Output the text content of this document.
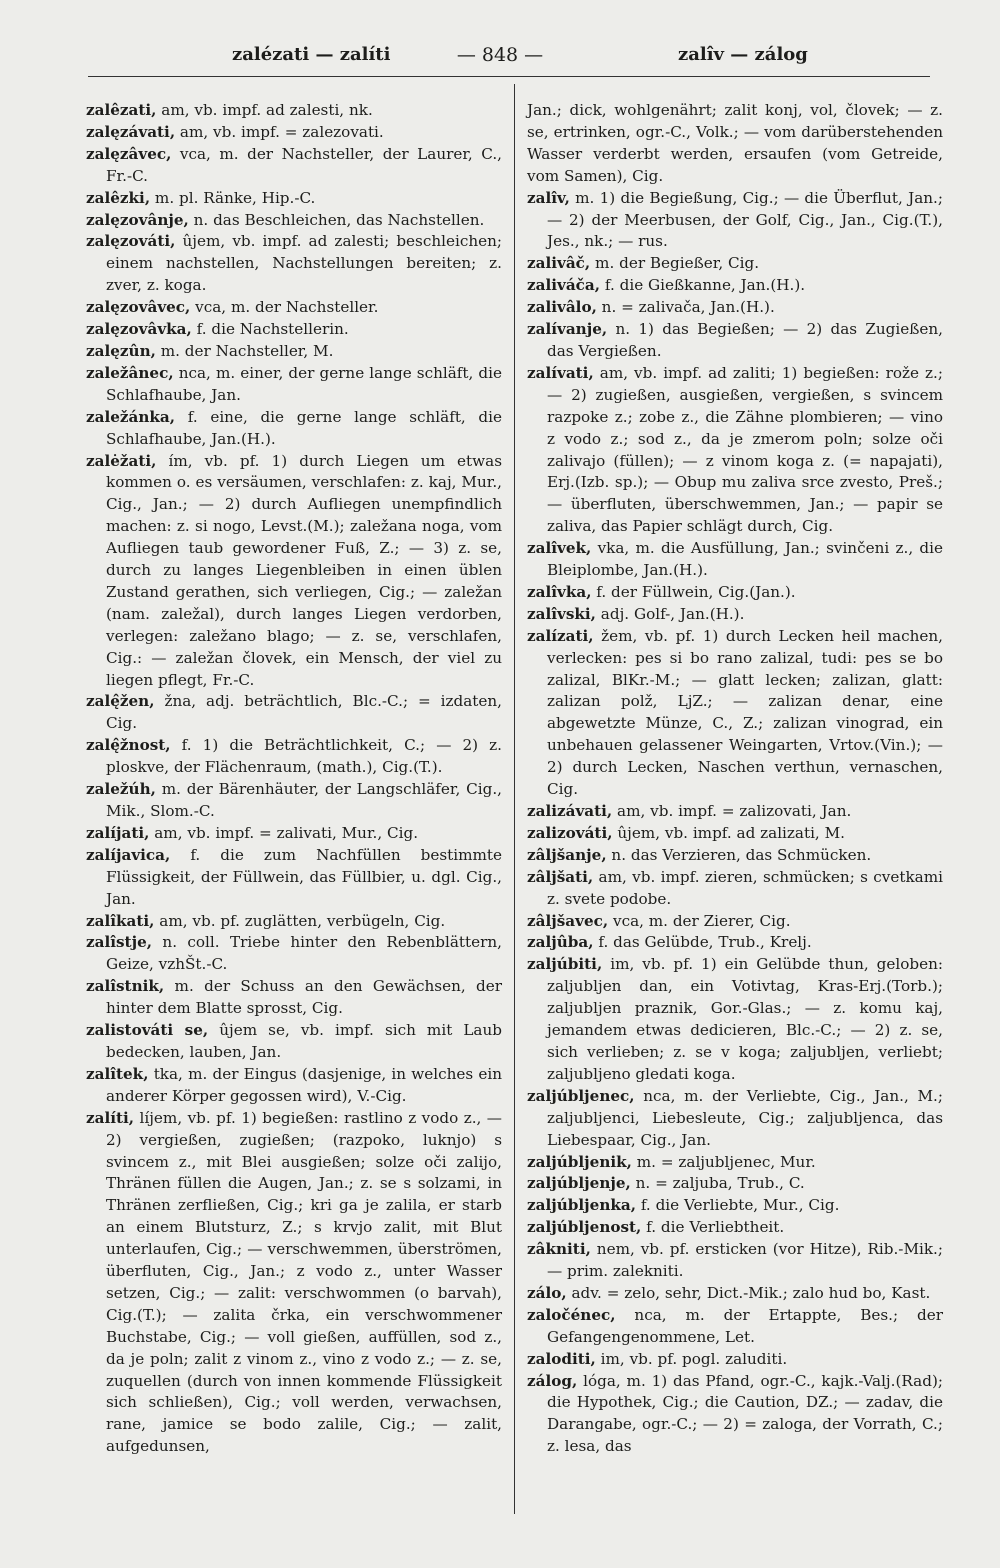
zalézati — zalíti	— 848 —	zalîv — zálog

zalêzati, am, vb. impf. ad zalesti, nk.

zalęzávati, am, vb. impf. = zalezovati.

zalęzâvec, vca, m. der Nachsteller, der Laurer, C., Fr.-C.

zalêzki, m. pl. Ränke, Hip.-C.

zalęzovânje, n. das Beschleichen, das Nachstellen.

zalęzováti, ûjem, vb. impf. ad zalesti; beschleichen; einem nachstellen, Nachstellungen bereiten; z. zver, z. koga.

zalęzovâvec, vca, m. der Nachsteller.

zalęzovâvka, f. die Nachstellerin.

zalęzûn, m. der Nachsteller, M.

zaležânec, nca, m. einer, der gerne lange schläft, die Schlafhaube, Jan.

zaležánka, f. eine, die gerne lange schläft, die Schlafhaube, Jan.(H.).

zalėžati, ím, vb. pf. 1) durch Liegen um etwas kommen o. es versäumen, verschlafen: z. kaj, Mur., Cig., Jan.; — 2) durch Aufliegen unempfindlich machen: z. si nogo, Levst.(M.); zaležana noga, vom Aufliegen taub gewordener Fuß, Z.; — 3) z. se, durch zu langes Liegenbleiben in einen üblen Zustand gerathen, sich verliegen, Cig.; — zaležan (nam. zaležal), durch langes Liegen verdorben, verlegen: zaležano blago; — z. se, verschlafen, Cig.: — zaležan človek, ein Mensch, der viel zu liegen pflegt, Fr.-C.

zalę̂žen, žna, adj. beträchtlich, Blc.-C.; = izdaten, Cig.

zalę̂žnost, f. 1) die Beträchtlichkeit, C.; — 2) z. ploskve, der Flächenraum, (math.), Cig.(T.).

zaležúh, m. der Bärenhäuter, der Langschläfer, Cig., Mik., Slom.-C.

zalíjati, am, vb. impf. = zalivati, Mur., Cig.

zalíjavica, f. die zum Nachfüllen bestimmte Flüssigkeit, der Füllwein, das Füllbier, u. dgl. Cig., Jan.

zalîkati, am, vb. pf. zuglätten, verbügeln, Cig.

zalîstje, n. coll. Triebe hinter den Rebenblättern, Geize, vzhŠt.-C.

zalîstnik, m. der Schuss an den Gewächsen, der hinter dem Blatte sprosst, Cig.

zalistováti se, ûjem se, vb. impf. sich mit Laub bedecken, lauben, Jan.

zalîtek, tka, m. der Eingus (dasjenige, in welches ein anderer Körper gegossen wird), V.-Cig.

zalíti, líjem, vb. pf. 1) begießen: rastlino z vodo z., — 2) vergießen, zugießen; (razpoko, luknjo) s svincem z., mit Blei ausgießen; solze oči zalijo, Thränen füllen die Augen, Jan.; z. se s solzami, in Thränen zerfließen, Cig.; kri ga je zalila, er starb an einem Blutsturz, Z.; s krvjo zalit, mit Blut unterlaufen, Cig.; — verschwemmen, überströmen, überfluten, Cig., Jan.; z vodo z., unter Wasser setzen, Cig.; — zalit: verschwommen (o barvah), Cig.(T.); — zalita črka, ein verschwommener Buchstabe, Cig.; — voll gießen, auffüllen, sod z., da je poln; zalit z vinom z., vino z vodo z.; — z. se, zuquellen (durch von innen kommende Flüssigkeit sich schließen), Cig.; voll werden, verwachsen, rane, jamice se bodo zalile, Cig.; — zalit, aufgedunsen,

Jan.; dick, wohlgenährt; zalit konj, vol, človek; — z. se, ertrinken, ogr.-C., Volk.; — vom darüberstehenden Wasser verderbt werden, ersaufen (vom Getreide, vom Samen), Cig.

zalîv, m. 1) die Begießung, Cig.; — die Überflut, Jan.; — 2) der Meerbusen, der Golf, Cig., Jan., Cig.(T.), Jes., nk.; — rus.

zalivâč, m. der Begießer, Cig.

zaliváča, f. die Gießkanne, Jan.(H.).

zalivâlo, n. = zalivača, Jan.(H.).

zalívanje, n. 1) das Begießen; — 2) das Zugießen, das Vergießen.

zalívati, am, vb. impf. ad zaliti; 1) begießen: rože z.; — 2) zugießen, ausgießen, vergießen, s svincem razpoke z.; zobe z., die Zähne plombieren; — vino z vodo z.; sod z., da je zmerom poln; solze oči zalivajo (füllen); — z vinom koga z. (= napajati), Erj.(Izb. sp.); — Obup mu zaliva srce zvesto, Preš.; — überfluten, überschwemmen, Jan.; — papir se zaliva, das Papier schlägt durch, Cig.

zalîvek, vka, m. die Ausfüllung, Jan.; svinčeni z., die Bleiplombe, Jan.(H.).

zalîvka, f. der Füllwein, Cig.(Jan.).

zalîvski, adj. Golf-, Jan.(H.).

zalízati, žem, vb. pf. 1) durch Lecken heil machen, verlecken: pes si bo rano zalizal, tudi: pes se bo zalizal, BlKr.-M.; — glatt lecken; zalizan, glatt: zalizan polž, LjZ.; — zalizan denar, eine abgewetzte Münze, C., Z.; zalizan vinograd, ein unbehauen gelassener Weingarten, Vrtov.(Vin.); — 2) durch Lecken, Naschen verthun, vernaschen, Cig.

zalizávati, am, vb. impf. = zalizovati, Jan.

zalizováti, ûjem, vb. impf. ad zalizati, M.

zâljšanje, n. das Verzieren, das Schmücken.

zâljšati, am, vb. impf. zieren, schmücken; s cvetkami z. svete podobe.

zâljšavec, vca, m. der Zierer, Cig.

zaljûba, f. das Gelübde, Trub., Krelj.

zaljúbiti, im, vb. pf. 1) ein Gelübde thun, geloben: zaljubljen dan, ein Votivtag, Kras-Erj.(Torb.); zaljubljen praznik, Gor.-Glas.; — z. komu kaj, jemandem etwas dedicieren, Blc.-C.; — 2) z. se, sich verlieben; z. se v koga; zaljubljen, verliebt; zaljubljeno gledati koga.

zaljúbljenec, nca, m. der Verliebte, Cig., Jan., M.; zaljubljenci, Liebesleute, Cig.; zaljubljenca, das Liebespaar, Cig., Jan.

zaljúbljenik, m. = zaljubljenec, Mur.

zaljúbljenje, n. = zaljuba, Trub., C.

zaljúbljenka, f. die Verliebte, Mur., Cig.

zaljúbljenost, f. die Verliebtheit.

zâkniti, nem, vb. pf. ersticken (vor Hitze), Rib.-Mik.; — prim. zalekniti.

zálo, adv. = zelo, sehr, Dict.-Mik.; zalo hud bo, Kast.

zaločénec, nca, m. der Ertappte, Bes.; der Gefangengenommene, Let.

zaloditi, im, vb. pf. pogl. zaluditi.

zálog, lóga, m. 1) das Pfand, ogr.-C., kajk.-Valj.(Rad); die Hypothek, Cig.; die Caution, DZ.; — zadav, die Darangabe, ogr.-C.; — 2) = zaloga, der Vorrath, C.; z. lesa, das
